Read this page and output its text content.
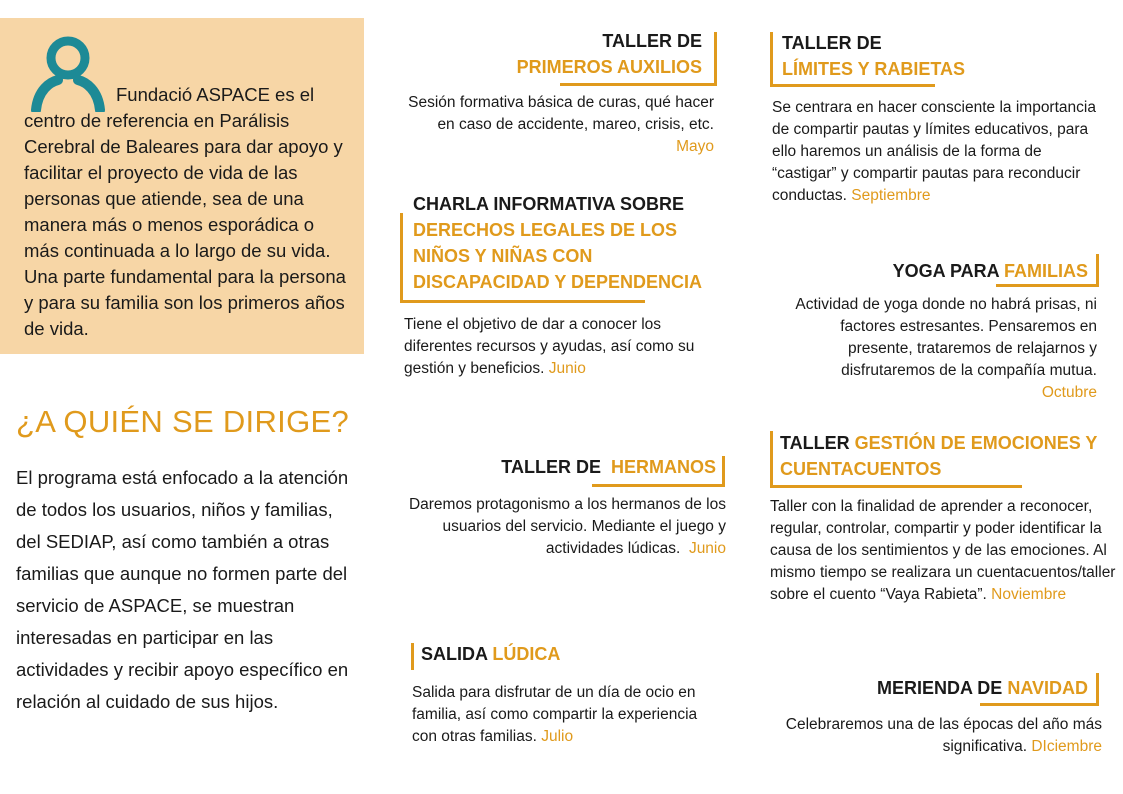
Fundació ASPACE es el centro de referencia en Parálisis Cerebral de Baleares para dar apoyo y facilitar el proyecto de vida de las personas que atiende, sea de una manera más o menos esporádica o más continuada a lo largo de su vida. Una parte fundamental para la persona y para su familia son los primeros años de vida.
¿A QUIÉN SE DIRIGE?
El programa está enfocado a la atención de todos los usuarios, niños y familias, del SEDIAP, así como también a otras familias que aunque no formen parte del servicio de ASPACE, se muestran interesadas en participar en las actividades y recibir apoyo específico en relación al cuidado de sus hijos.
TALLER DE
PRIMEROS AUXILIOS
Sesión formativa básica de curas, qué hacer en caso de accidente, mareo, crisis, etc.
Mayo
CHARLA INFORMATIVA SOBRE
DERECHOS LEGALES DE LOS NIÑOS Y NIÑAS CON DISCAPACIDAD Y DEPENDENCIA
Tiene el objetivo de dar a conocer los diferentes recursos y ayudas, así como su gestión y beneficios. Junio
TALLER DE HERMANOS
Daremos protagonismo a los hermanos de los usuarios del servicio. Mediante el juego y actividades lúdicas. Junio
SALIDA LÚDICA
Salida para disfrutar de un día de ocio en familia, así como compartir la experiencia con otras familias. Julio
TALLER DE
LÍMITES Y RABIETAS
Se centrara en hacer consciente la importancia de compartir pautas y límites educativos, para ello haremos un análisis de la forma de “castigar” y compartir pautas para reconducir conductas. Septiembre
YOGA PARA FAMILIAS
Actividad de yoga donde no habrá prisas, ni factores estresantes. Pensaremos en presente, trataremos de relajarnos y disfrutaremos de la compañía mutua.
Octubre
TALLER GESTIÓN DE EMOCIONES Y CUENTACUENTOS
Taller con la finalidad de aprender a reconocer, regular, controlar, compartir y poder identificar la causa de los sentimientos y de las emociones. Al mismo tiempo se realizara un cuentacuentos/taller sobre el cuento “Vaya Rabieta”. Noviembre
MERIENDA DE NAVIDAD
Celebraremos una de las épocas del año más significativa. DIciembre
